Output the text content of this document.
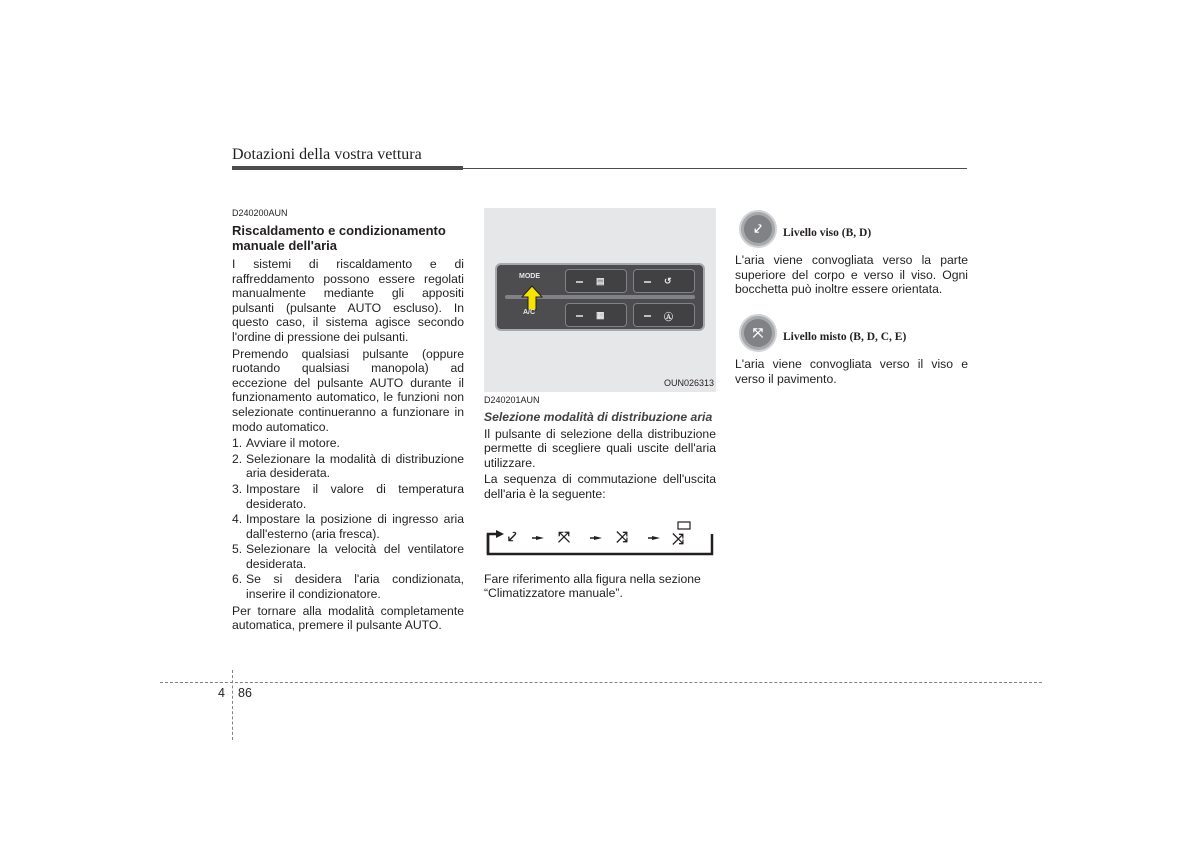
Dotazioni della vostra vettura
D240200AUN
Riscaldamento e condizionamento manuale dell'aria
I sistemi di riscaldamento e di raffreddamento possono essere regolati manualmente mediante gli appositi pulsanti (pulsante AUTO escluso). In questo caso, il sistema agisce secondo l'ordine di pressione dei pulsanti.
Premendo qualsiasi pulsante (oppure ruotando qualsiasi manopola) ad eccezione del pulsante AUTO durante il funzionamento automatico, le funzioni non selezionate continueranno a funzionare in modo automatico.
1. Avviare il motore.
2. Selezionare la modalità di distribuzione aria desiderata.
3. Impostare il valore di temperatura desiderato.
4. Impostare la posizione di ingresso aria dall'esterno (aria fresca).
5. Selezionare la velocità del ventilatore desiderata.
6. Se si desidera l'aria condizionata, inserire il condizionatore.
Per tornare alla modalità completamente automatica, premere il pulsante AUTO.
MODE
A/C
▤	↺
▦	Ⓐ
OUN026313
D240201AUN
Selezione modalità di distribuzione aria
Il pulsante di selezione della distribuzione permette di scegliere quali uscite dell'aria utilizzare.
La sequenza di commutazione dell'uscita dell'aria è la seguente:
Fare riferimento alla figura nella sezione “Climatizzatore manuale”.
⤦	⤧	⤨	⤨
⤦	Livello viso (B, D)
⤧	Livello misto (B, D, C, E)
L'aria viene convogliata verso la parte superiore del corpo e verso il viso. Ogni bocchetta può inoltre essere orientata.
L'aria viene convogliata verso il viso e verso il pavimento.
4 86
